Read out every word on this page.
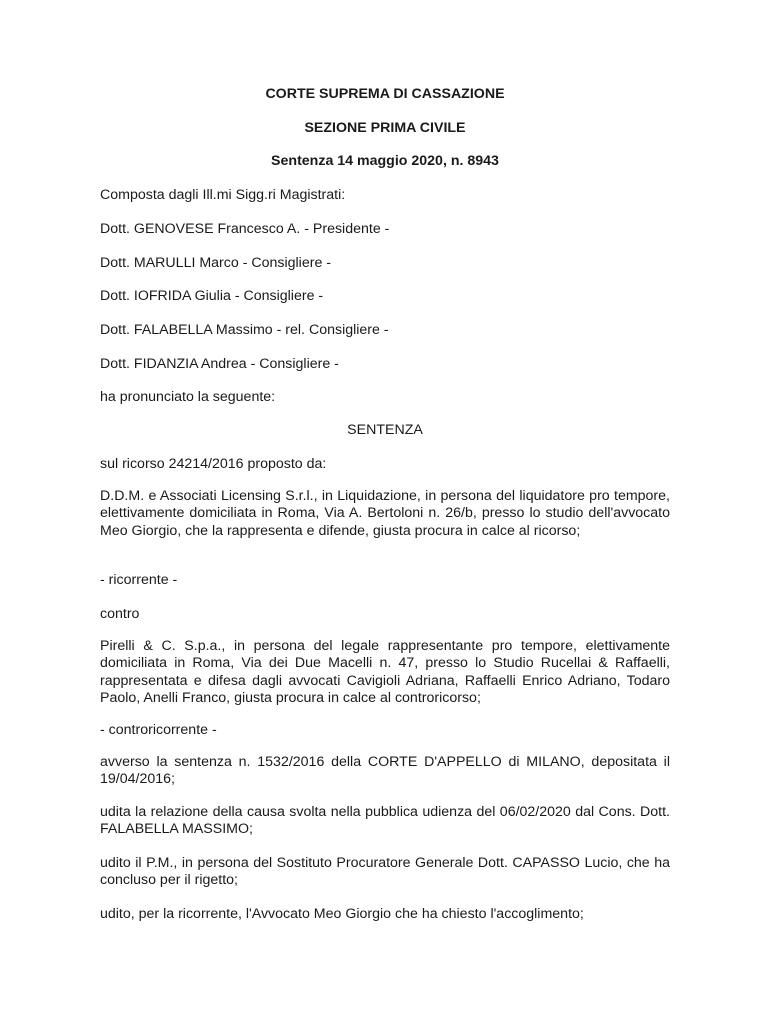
CORTE SUPREMA DI CASSAZIONE

SEZIONE PRIMA CIVILE

Sentenza 14 maggio 2020, n. 8943

Composta dagli Ill.mi Sigg.ri Magistrati:

Dott. GENOVESE Francesco A. - Presidente -

Dott. MARULLI Marco - Consigliere -

Dott. IOFRIDA Giulia - Consigliere -

Dott. FALABELLA Massimo - rel. Consigliere -

Dott. FIDANZIA Andrea - Consigliere -

ha pronunciato la seguente:

SENTENZA

sul ricorso 24214/2016 proposto da:

D.D.M. e Associati Licensing S.r.l., in Liquidazione, in persona del liquidatore pro tempore, elettivamente domiciliata in Roma, Via A. Bertoloni n. 26/b, presso lo studio dell'avvocato Meo Giorgio, che la rappresenta e difende, giusta procura in calce al ricorso;

- ricorrente -

contro

Pirelli & C. S.p.a., in persona del legale rappresentante pro tempore, elettivamente domiciliata in Roma, Via dei Due Macelli n. 47, presso lo Studio Rucellai & Raffaelli, rappresentata e difesa dagli avvocati Cavigioli Adriana, Raffaelli Enrico Adriano, Todaro Paolo, Anelli Franco, giusta procura in calce al controricorso;

- controricorrente -

avverso la sentenza n. 1532/2016 della CORTE D'APPELLO di MILANO, depositata il 19/04/2016;

udita la relazione della causa svolta nella pubblica udienza del 06/02/2020 dal Cons. Dott. FALABELLA MASSIMO;

udito il P.M., in persona del Sostituto Procuratore Generale Dott. CAPASSO Lucio, che ha concluso per il rigetto;

udito, per la ricorrente, l'Avvocato Meo Giorgio che ha chiesto l'accoglimento;
